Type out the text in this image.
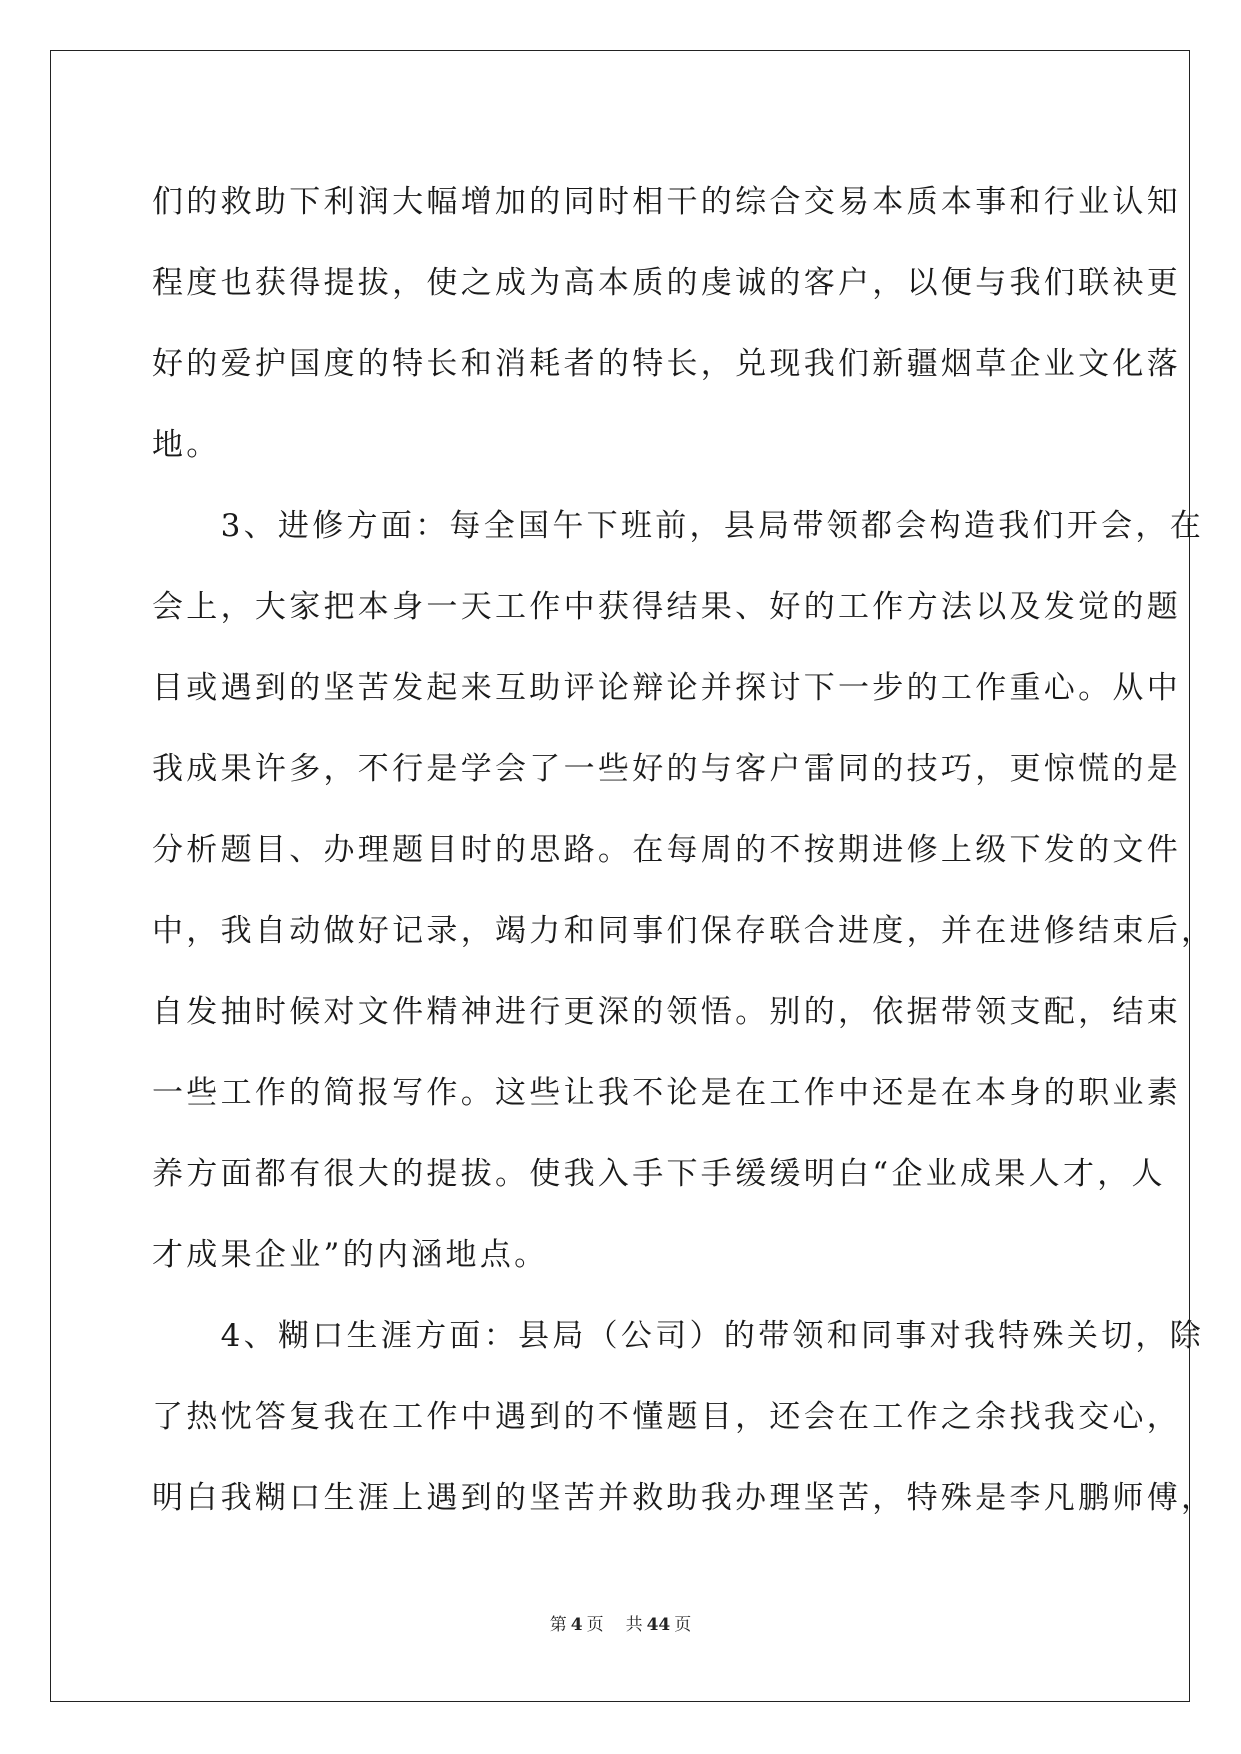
们的救助下利润大幅增加的同时相干的综合交易本质本事和行业认知
程度也获得提拔，使之成为高本质的虔诚的客户，以便与我们联袂更
好的爱护国度的特长和消耗者的特长，兑现我们新疆烟草企业文化落
地。
　　3、进修方面：每全国午下班前，县局带领都会构造我们开会，在
会上，大家把本身一天工作中获得结果、好的工作方法以及发觉的题
目或遇到的坚苦发起来互助评论辩论并探讨下一步的工作重心。从中
我成果许多，不行是学会了一些好的与客户雷同的技巧，更惊慌的是
分析题目、办理题目时的思路。在每周的不按期进修上级下发的文件
中，我自动做好记录，竭力和同事们保存联合进度，并在进修结束后，
自发抽时候对文件精神进行更深的领悟。别的，依据带领支配，结束
一些工作的简报写作。这些让我不论是在工作中还是在本身的职业素
养方面都有很大的提拔。使我入手下手缓缓明白“企业成果人才，人
才成果企业”的内涵地点。
　　4、糊口生涯方面：县局（公司）的带领和同事对我特殊关切，除
了热忱答复我在工作中遇到的不懂题目，还会在工作之余找我交心，
明白我糊口生涯上遇到的坚苦并救助我办理坚苦，特殊是李凡鹏师傅，
第 4 页 共 44 页
